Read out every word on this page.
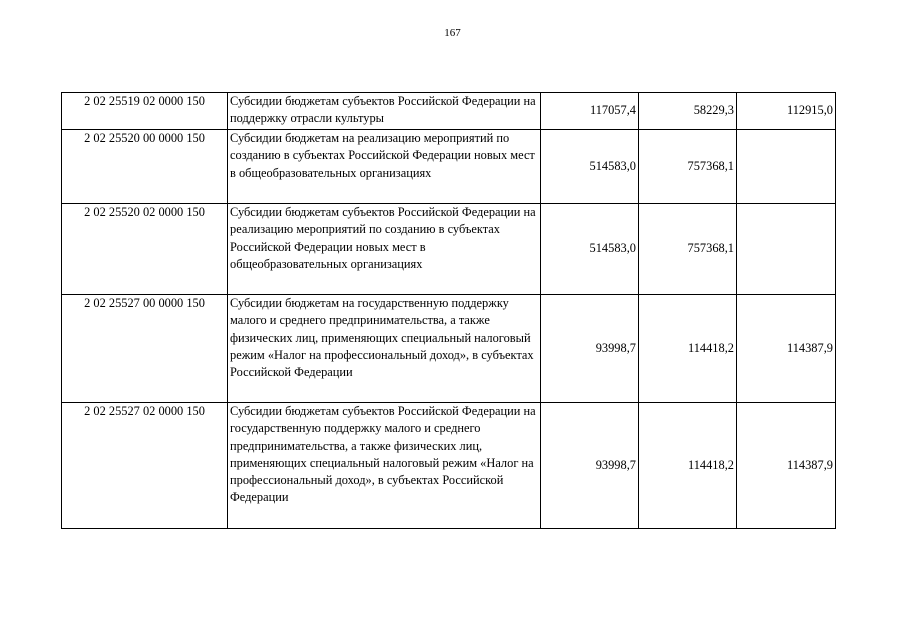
167
2 02 25519 02 0000 150	Субсидии бюджетам субъектов Российской Федерации на поддержку отрасли культуры	117057,4	58229,3	112915,0
2 02 25520 00 0000 150	Субсидии бюджетам на реализацию мероприятий по созданию в субъектах Российской Федерации новых мест в общеобразовательных организациях	514583,0	757368,1	
2 02 25520 02 0000 150	Субсидии бюджетам субъектов Российской Федерации на реализацию мероприятий по созданию в субъектах Российской Федерации новых мест в общеобразовательных организациях	514583,0	757368,1	
2 02 25527 00 0000 150	Субсидии бюджетам на государственную поддержку малого и среднего предпринимательства, а также физических лиц, применяющих специальный налоговый режим «Налог на профессиональный доход», в субъектах Российской Федерации	93998,7	114418,2	114387,9
2 02 25527 02 0000 150	Субсидии бюджетам субъектов Российской Федерации на государственную поддержку малого и среднего предпринимательства, а также физических лиц, применяющих специальный налоговый режим «Налог на профессиональный доход», в субъектах Российской Федерации	93998,7	114418,2	114387,9
